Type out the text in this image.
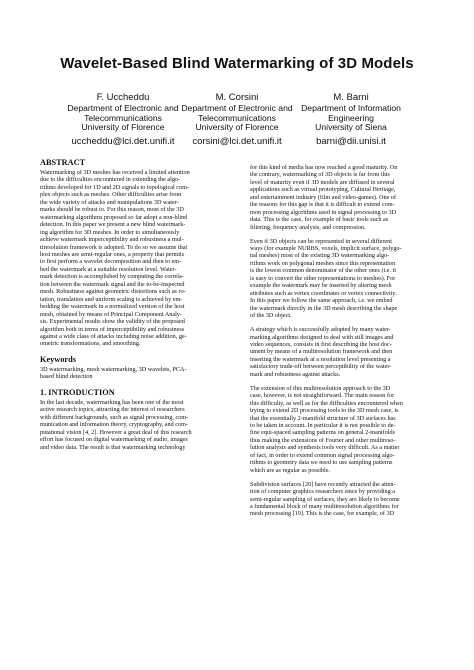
Wavelet-Based Blind Watermarking of 3D Models
F. Uccheddu
Department of Electronic and
Telecommunications
University of Florence
uccheddu@lci.det.unifi.it
M. Corsini
Department of Electronic and
Telecommunications
University of Florence
corsini@lci.det.unifi.it
M. Barni
Department of Information
Engineering
University of Siena
barni@dii.unisi.it
ABSTRACT

Watermarking of 3D meshes has received a limited attention
due to the difficulties encountered in extending the algo-
rithms developed for 1D and 2D signals to topological com-
plex objects such as meshes. Other difficulties arise from
the wide variety of attacks and manipulations 3D water-
marks should be robust to. For this reason, most of the 3D
watermarking algorithms proposed so far adopt a non-blind
detection. In this paper we present a new blind watermark-
ing algorithm for 3D meshes. In order to simultaneously
achieve watermark imperceptibility and robustness a mul-
tiresolution framework is adopted. To do so we assume that
host meshes are semi-regular ones, a property that permits
to first perform a wavelet decomposition and then to em-
bed the watermark at a suitable resolution level. Water-
mark detection is accomplished by computing the correla-
tion between the watermark signal and the to-be-inspected
mesh. Robustness against geometric distortions such as ro-
tation, translation and uniform scaling is achieved by em-
bedding the watermark in a normalized version of the host
mesh, obtained by means of Principal Component Analy-
sis. Experimental results show the validity of the proposed
algorithm both in terms of imperceptibility and robustness
against a wide class of attacks including noise addition, ge-
ometric transformations, and smoothing.

Keywords

3D watermarking, mesh watermarking, 3D wavelets, PCA-
based blind detection

1. INTRODUCTION

In the last decade, watermarking has been one of the most
active research topics, attracting the interest of researchers
with different backgrounds, such as signal processing, com-
munication and information theory, cryptography, and com-
putational vision [4, 2]. However a great deal of this research
effort has focused on digital watermarking of audio, images
and video data. The result is that watermarking technology

for this kind of media has now reached a good maturity. On
the contrary, watermarking of 3D objects is far from this
level of maturity even if 3D models are diffused in several
applications such as virtual prototyping, Cultural Heritage,
and entertainment industry (film and video-games). One of
the reasons for this gap is that it is difficult to extend com-
mon processing algorithms used in signal processing to 3D
data. This is the case, for example of basic tools such as
filtering, frequency analysis, and compression.

Even if 3D objects can be represented in several different
ways (for example NURBS, voxels, implicit surface, polygo-
nal meshes) most of the existing 3D watermarking algo-
rithms work on polygonal meshes since this representation
is the lowest common denominator of the other ones (i.e. it
is easy to convert the other representations to meshes). For
example the watermark may be inserted by altering mesh
attributes such as vertex coordinates or vertex connectivity.
In this paper we follow the same approach, i.e. we embed
the watermark directly in the 3D mesh describing the shape
of the 3D object.

A strategy which is successfully adopted by many water-
marking algorithms designed to deal with still images and
video sequences, consists in first describing the host doc-
ument by means of a multiresolution framework and then
inserting the watermark at a resolution level presenting a
satisfactory trade-off between perceptibility of the water-
mark and robustness against attacks.

The extension of this multiresolution approach to the 3D
case, however, is not straightforward. The main reason for
this difficulty, as well as for the difficulties encountered when
trying to extend 2D processing tools to the 3D mesh case, is
that the essentially 2-manifold structure of 3D surfaces has
to be taken in account. In particular it is not possible to de-
fine equi-spaced sampling patterns on general 2-manifolds
thus making the extensions of Fourier and other multireso-
lution analysis and synthesis tools very difficult. As a matter
of fact, in order to extend common signal processing algo-
rithms to geometry data we need to use sampling patterns
which are as regular as possible.

Subdivision surfaces [20] have recently attracted the atten-
tion of computer graphics researchers since by providing a
semi-regular sampling of surfaces, they are likely to become
a fundamental block of many multiresolution algorithms for
mesh processing [19]. This is the case, for example, of 3D
